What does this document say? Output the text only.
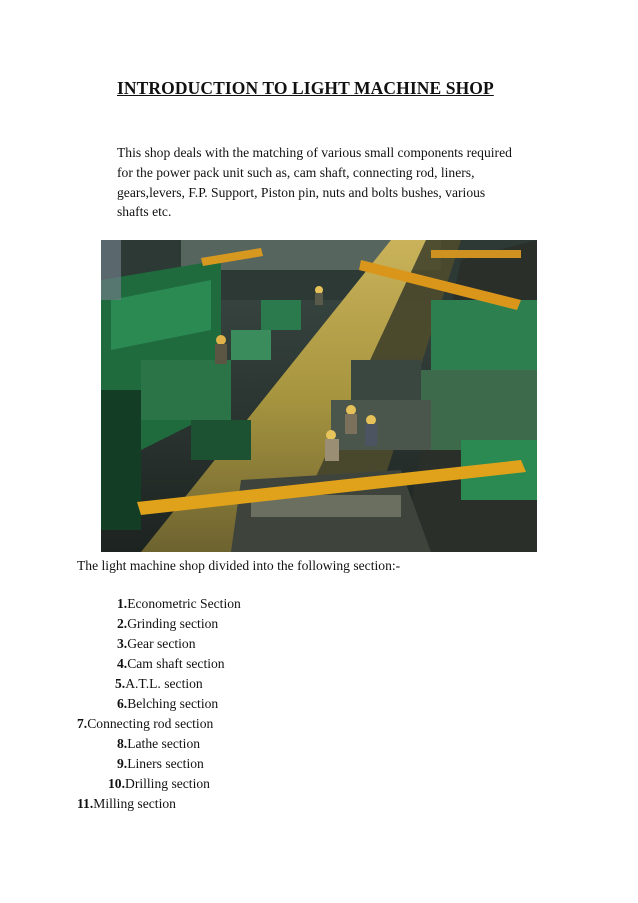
INTRODUCTION TO LIGHT MACHINE SHOP
This shop deals with the matching of various small components required
for the power pack unit such as, cam shaft, connecting rod, liners,
gears,levers, F.P. Support, Piston pin, nuts and bolts bushes, various
shafts etc.
The light machine shop divided into the following section:-
1.Econometric Section
2.Grinding section
3.Gear section
4.Cam shaft section
5.A.T.L. section
6.Belching section
7.Connecting rod section
8.Lathe section
9.Liners section
10.Drilling section
11.Milling section
